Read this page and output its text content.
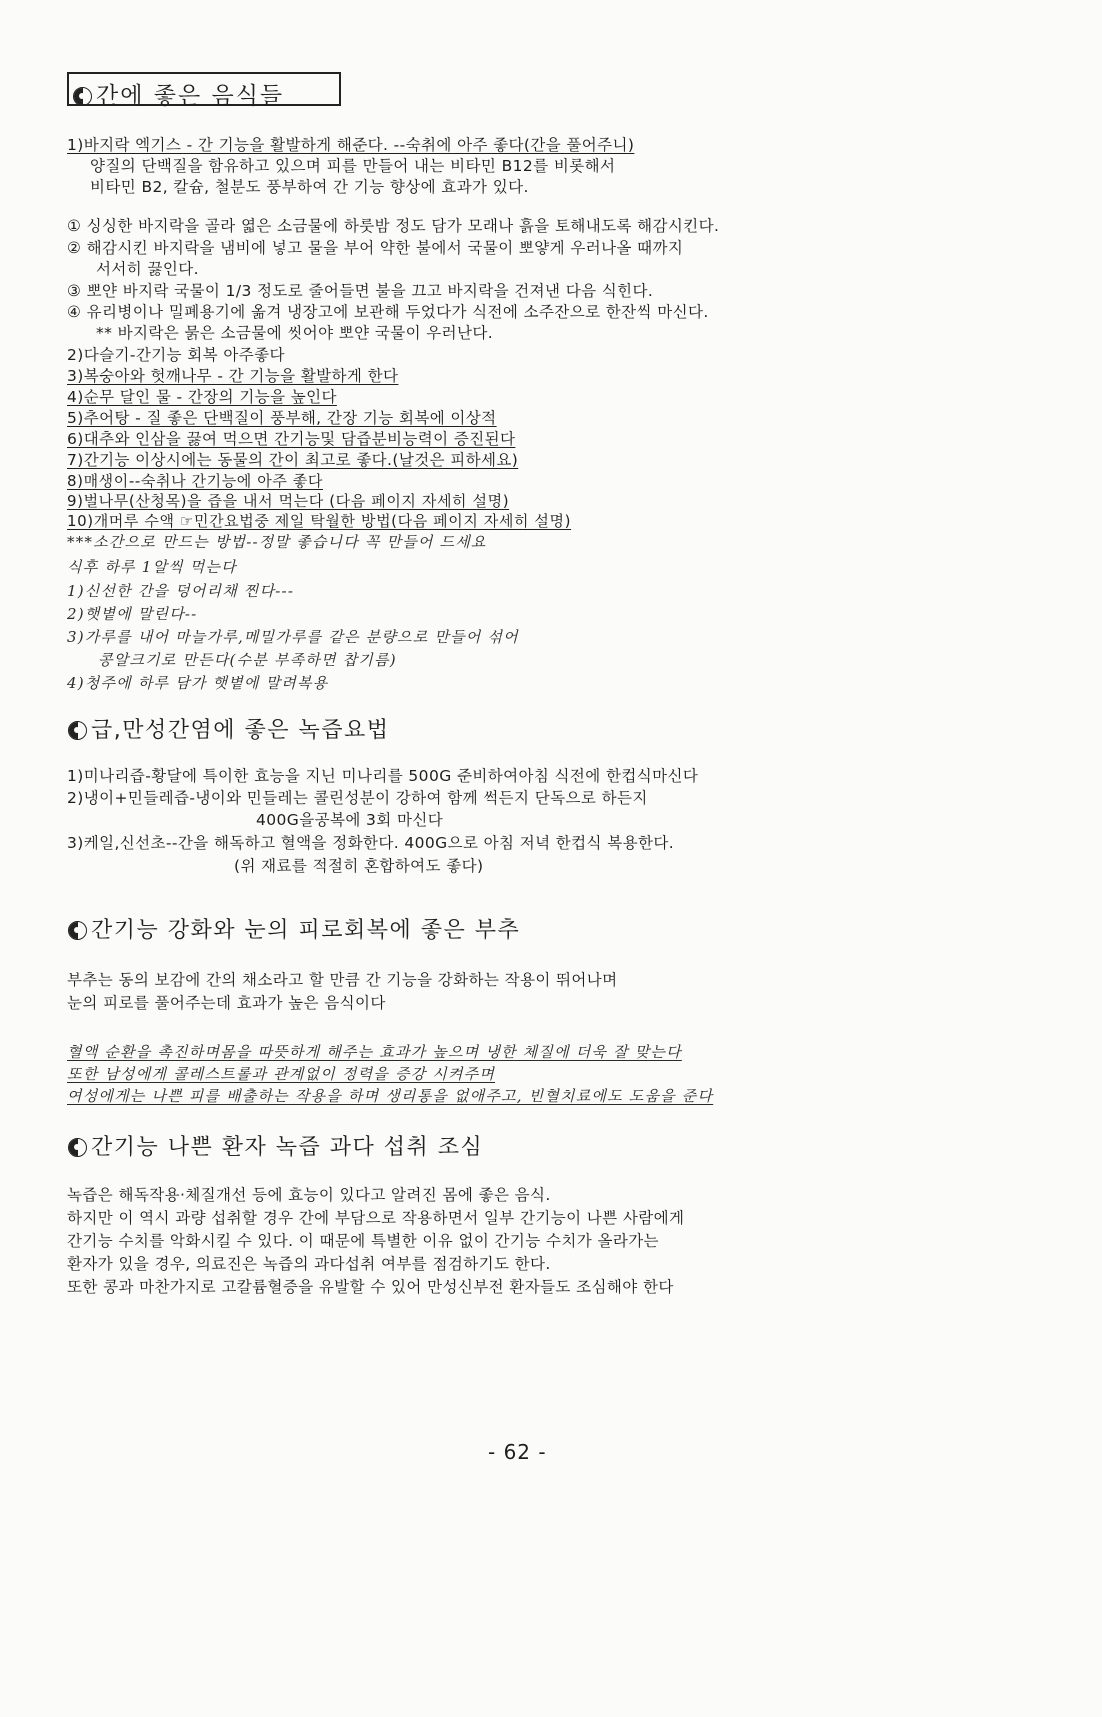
간에 좋은 음식들
1)바지락 엑기스 - 간 기능을 활발하게 해준다. --숙취에 아주 좋다(간을 풀어주니)
양질의 단백질을 함유하고 있으며 피를 만들어 내는 비타민 B12를 비롯해서
비타민 B2, 칼슘, 철분도 풍부하여 간 기능 향상에 효과가 있다.
① 싱싱한 바지락을 골라 엷은 소금물에 하룻밤 정도 담가 모래나 흙을 토해내도록 해감시킨다.
② 해감시킨 바지락을 냄비에 넣고 물을 부어 약한 불에서 국물이 뽀얗게 우러나올 때까지
서서히 끓인다.
③ 뽀얀 바지락 국물이 1/3 정도로 줄어들면 불을 끄고 바지락을 건져낸 다음 식힌다.
④ 유리병이나 밀폐용기에 옮겨 냉장고에 보관해 두었다가 식전에 소주잔으로 한잔씩 마신다.
** 바지락은 묽은 소금물에 씻어야 뽀얀 국물이 우러난다.
2)다슬기-간기능 회복 아주좋다
3)복숭아와 헛깨나무 - 간 기능을 활발하게 한다
4)순무 달인 물 - 간장의 기능을 높인다
5)추어탕 - 질 좋은 단백질이 풍부해, 간장 기능 회복에 이상적
6)대추와 인삼을 끓여 먹으면 간기능및 담즙분비능력이 증진된다
7)간기능 이상시에는 동물의 간이 최고로 좋다.(날것은 피하세요)
8)매생이--숙취나 간기능에 아주 좋다
9)벌나무(산청목)을 즙을 내서 먹는다 (다음 페이지 자세히 설명)
10)개머루 수액 ☞민간요법중 제일 탁월한 방법(다음 페이지 자세히 설명)
***소간으로 만드는 방법--정말 좋습니다 꼭 만들어 드세요
식후 하루 1알씩 먹는다
1)신선한 간을 덩어리채 찐다---
2)햇볕에 말린다--
3)가루를 내어 마늘가루,메밀가루를 같은 분량으로 만들어 섞어
콩알크기로 만든다(수분 부족하면 찹기름)
4)청주에 하루 담가 햇볕에 말려복용
급,만성간염에 좋은 녹즙요법
1)미나리즙-황달에 특이한 효능을 지닌 미나리를 500G 준비하여아침 식전에 한컵식마신다
2)냉이+민들레즙-냉이와 민들레는 콜린성분이 강하여 함께 썩든지 단독으로 하든지
400G을공복에 3회 마신다
3)케일,신선초--간을 해독하고 혈액을 정화한다. 400G으로 아침 저녁 한컵식 복용한다.
(위 재료를 적절히 혼합하여도 좋다)
간기능 강화와 눈의 피로회복에 좋은 부추
부추는 동의 보감에 간의 채소라고 할 만큼 간 기능을 강화하는 작용이 뛰어나며
눈의 피로를 풀어주는데 효과가 높은 음식이다
혈액 순환을 촉진하며몸을 따뜻하게 해주는 효과가 높으며 냉한 체질에 더욱 잘 맞는다
또한 남성에게 콜레스트롤과 관계없이 정력을 증강 시켜주며
여성에게는 나쁜 피를 배출하는 작용을 하며 생리통을 없애주고, 빈혈치료에도 도움을 준다
간기능 나쁜 환자 녹즙 과다 섭취 조심
녹즙은 해독작용·체질개선 등에 효능이 있다고 알려진 몸에 좋은 음식.
하지만 이 역시 과량 섭취할 경우 간에 부담으로 작용하면서 일부 간기능이 나쁜 사람에게
간기능 수치를 악화시킬 수 있다. 이 때문에 특별한 이유 없이 간기능 수치가 올라가는
환자가 있을 경우, 의료진은 녹즙의 과다섭취 여부를 점검하기도 한다.
또한 콩과 마찬가지로 고칼륨혈증을 유발할 수 있어 만성신부전 환자들도 조심해야 한다
- 62 -
